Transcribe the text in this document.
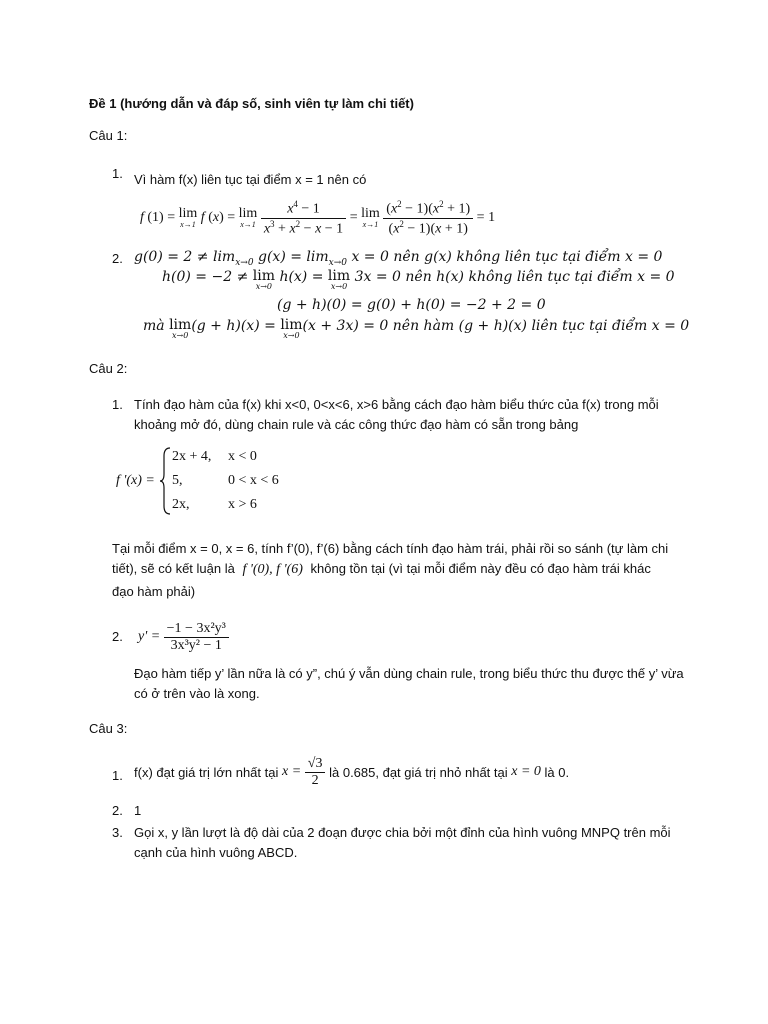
Đề 1 (hướng dẫn và đáp số, sinh viên tự làm chi tiết)
Câu 1:
1. Vì hàm f(x) liên tục tại điểm x = 1 nên có
f (1) = lim
x→1
f ( x ) = lim
x→1
$\frac{x^4 - 1}{x^3 + x^2 - x - 1} = \lim$
x→1
$\frac{(x^2 - 1)(x^2 + 1)}{(x^2 - 1)(x + 1)} = 1$
2. $g(0) = 2 \ne \lim_{x\to 0} g(x) = \lim_{x\to 0} x = 0$ nên g(x) không liên tục tại điểm x = 0
h(0) = −2 ≠
lim
x→0

h(x) =
lim
x→0

3x = 0 nên h(x) không liên tục tại điểm x = 0
(g + h)(0) = g(0) + h(0) = −2 + 2 = 0
mà
lim
x→0
(g + h)(x) =
lim
x→0
(x + 3x) = 0 nên hàm (g + h)(x) liên tục tại điểm x = 0
Câu 2:
1. Tính đạo hàm của f(x) khi x<0, 0<x<6, x>6 bằng cách đạo hàm biểu thức của f(x) trong mỗi
khoảng mở đó, dùng chain rule và các công thức đạo hàm có sẵn trong bảng
f '(x) =
2x + 4, x < 0
5,	0 < x < 6
2x,	x > 6
Tại mỗi điểm x = 0, x = 6, tính f’(0), f’(6) bằng cách tính đạo hàm trái, phải rồi so sánh (tự làm chi
tiết), sẽ có kết luận là f '(0), f '(6) không tồn tại (vì tại mỗi điểm này đều có đạo hàm trái khác
đạo hàm phải)
2. y' =
$\frac{\text{−1 − 3x²y³}}{\text{3x³y² − 1}}$
Đạo hàm tiếp y’ lần nữa là có y”, chú ý vẫn dùng chain rule, trong biểu thức thu được thế y’ vừa
có ở trên vào là xong.
Câu 3:
1. f(x) đạt giá trị lớn nhất tại
x =
$\frac{√3}{2}$
là 0.685, đạt giá trị nhỏ nhất tại
x = 0
là 0.
2. 1
3. Gọi x, y lần lượt là độ dài của 2 đoạn được chia bởi một đỉnh của hình vuông MNPQ trên mỗi
cạnh của hình vuông ABCD.
